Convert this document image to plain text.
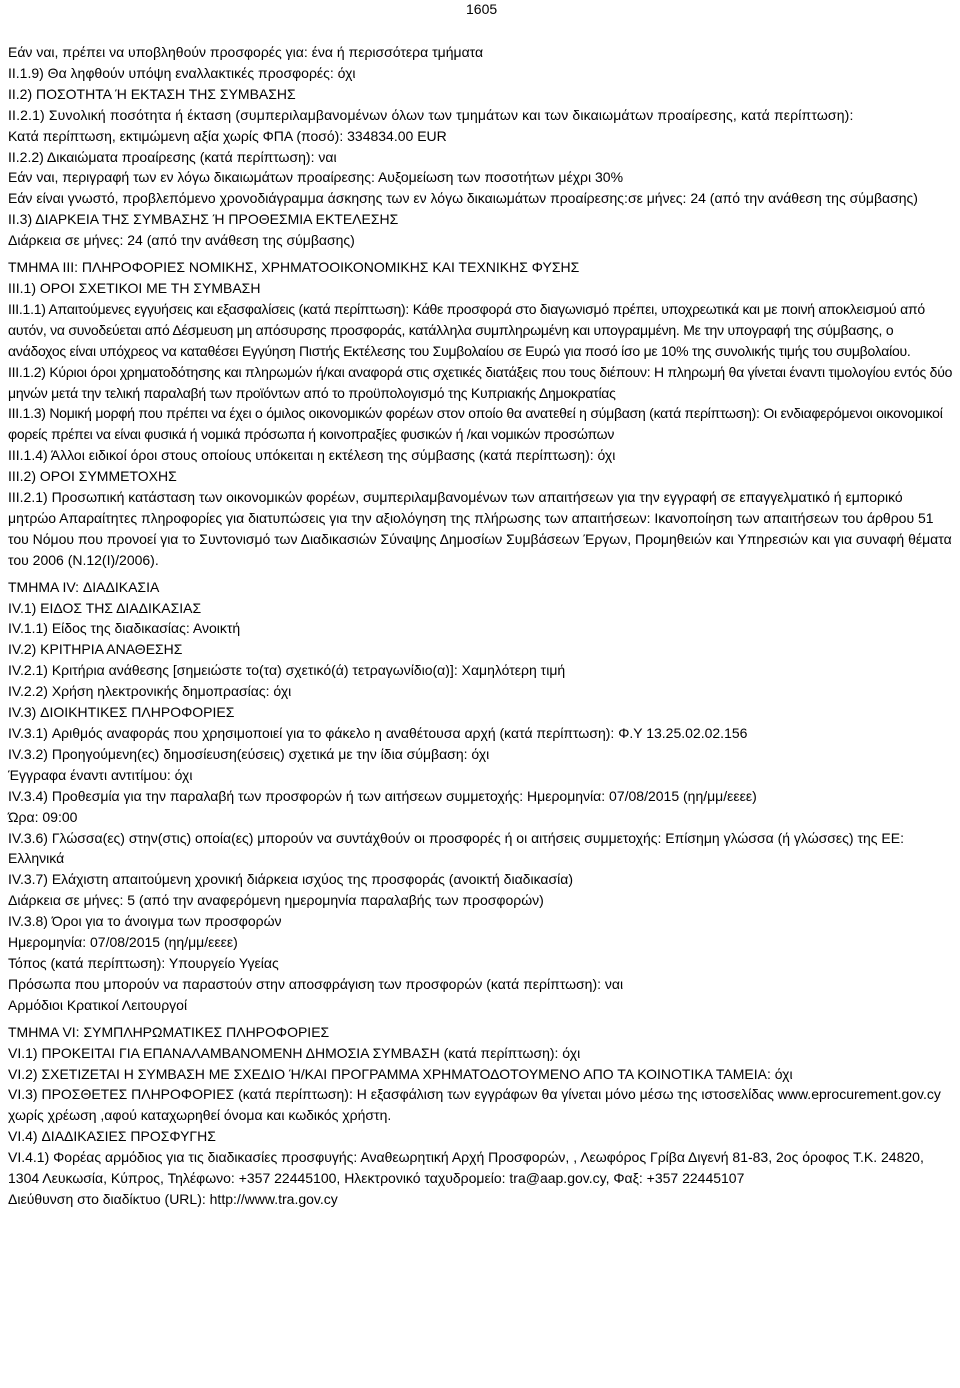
1605

Εάν ναι, πρέπει να υποβληθούν προσφορές για: ένα ή περισσότερα τμήματα

ΙΙ.1.9) Θα ληφθούν υπόψη εναλλακτικές προσφορές: όχι

ΙΙ.2) ΠΟΣΟΤΗΤΑ Ή ΕΚΤΑΣΗ ΤΗΣ ΣΥΜΒΑΣΗΣ

ΙΙ.2.1) Συνολική ποσότητα ή έκταση (συμπεριλαμβανομένων όλων των τμημάτων και των δικαιωμάτων προαίρεσης, κατά περίπτωση):

Κατά περίπτωση, εκτιμώμενη αξία χωρίς ΦΠΑ (ποσό): 334834.00 EUR

ΙΙ.2.2) Δικαιώματα προαίρεσης (κατά περίπτωση): ναι

Εάν ναι, περιγραφή των εν λόγω δικαιωμάτων προαίρεσης: Αυξομείωση των ποσοτήτων μέχρι 30%

Εάν είναι γνωστό, προβλεπόμενο χρονοδιάγραμμα άσκησης των εν λόγω δικαιωμάτων προαίρεσης:σε μήνες: 24 (από την ανάθεση της σύμβασης)

ΙΙ.3) ΔΙΑΡΚΕΙΑ ΤΗΣ ΣΥΜΒΑΣΗΣ Ή ΠΡΟΘΕΣΜΙΑ ΕΚΤΕΛΕΣΗΣ

Διάρκεια σε μήνες: 24 (από την ανάθεση της σύμβασης)

ΤΜΗΜΑ ΙΙΙ: ΠΛΗΡΟΦΟΡΙΕΣ ΝΟΜΙΚΗΣ, ΧΡΗΜΑΤΟΟΙΚΟΝΟΜΙΚΗΣ ΚΑΙ ΤΕΧΝΙΚΗΣ ΦΥΣΗΣ

ΙΙΙ.1) ΟΡΟΙ ΣΧΕΤΙΚΟΙ ΜΕ ΤΗ ΣΥΜΒΑΣΗ

ΙΙΙ.1.1) Απαιτούμενες εγγυήσεις και εξασφαλίσεις (κατά περίπτωση): Κάθε προσφορά στο διαγωνισμό πρέπει, υποχρεωτικά και με ποινή αποκλεισμού από αυτόν, να συνοδεύεται από Δέσμευση μη απόσυρσης προσφοράς, κατάλληλα συμπληρωμένη και υπογραμμένη. Με την υπογραφή της σύμβασης, ο ανάδοχος είναι υπόχρεος να καταθέσει Εγγύηση Πιστής Εκτέλεσης του Συμβολαίου σε Ευρώ για ποσό ίσο με 10% της συνολικής τιμής του συμβολαίου.

ΙΙΙ.1.2) Κύριοι όροι χρηματοδότησης και πληρωμών ή/και αναφορά στις σχετικές διατάξεις που τους διέπουν: Η πληρωμή θα γίνεται έναντι τιμολογίου εντός δύο μηνών μετά την τελική παραλαβή των προϊόντων από το προϋπολογισμό της Κυπριακής Δημοκρατίας

ΙΙΙ.1.3) Νομική μορφή που πρέπει να έχει ο όμιλος οικονομικών φορέων στον οποίο θα ανατεθεί η σύμβαση (κατά περίπτωση): Οι ενδιαφερόμενοι οικονομικοί φορείς πρέπει να είναι φυσικά ή νομικά πρόσωπα ή κοινοπραξίες φυσικών ή /και νομικών προσώπων

ΙΙΙ.1.4) Άλλοι ειδικοί όροι στους οποίους υπόκειται η εκτέλεση της σύμβασης (κατά περίπτωση): όχι

ΙΙΙ.2) ΟΡΟΙ ΣΥΜΜΕΤΟΧΗΣ

ΙΙΙ.2.1) Προσωπική κατάσταση των οικονομικών φορέων, συμπεριλαμβανομένων των απαιτήσεων για την εγγραφή σε επαγγελματικό ή εμπορικό μητρώο Απαραίτητες πληροφορίες για διατυπώσεις για την αξιολόγηση της πλήρωσης των απαιτήσεων: Ικανοποίηση των απαιτήσεων του άρθρου 51 του Νόμου που προνοεί για το Συντονισμό των Διαδικασιών Σύναψης Δημοσίων Συμβάσεων Έργων, Προμηθειών και Υπηρεσιών και για συναφή θέματα του 2006 (Ν.12(Ι)/2006).

ΤΜΗΜΑ IV: ΔΙΑΔΙΚΑΣΙΑ

IV.1) ΕΙΔΟΣ ΤΗΣ ΔΙΑΔΙΚΑΣΙΑΣ

IV.1.1) Είδος της διαδικασίας: Ανοικτή

IV.2) ΚΡΙΤΗΡΙΑ ΑΝΑΘΕΣΗΣ

IV.2.1) Κριτήρια ανάθεσης [σημειώστε το(τα) σχετικό(ά) τετραγωνίδιο(α)]: Χαμηλότερη τιμή

IV.2.2) Χρήση ηλεκτρονικής δημοπρασίας: όχι

IV.3) ΔΙΟΙΚΗΤΙΚΕΣ ΠΛΗΡΟΦΟΡΙΕΣ

IV.3.1) Αριθμός αναφοράς που χρησιμοποιεί για το φάκελο η αναθέτουσα αρχή (κατά περίπτωση): Φ.Υ 13.25.02.02.156

IV.3.2) Προηγούμενη(ες) δημοσίευση(εύσεις) σχετικά με την ίδια σύμβαση: όχι

Έγγραφα έναντι αντιτίμου: όχι

IV.3.4) Προθεσμία για την παραλαβή των προσφορών ή των αιτήσεων συμμετοχής: Ημερομηνία: 07/08/2015 (ηη/μμ/εεεε)

Ώρα: 09:00

IV.3.6) Γλώσσα(ες) στην(στις) οποία(ες) μπορούν να συντάχθούν οι προσφορές ή οι αιτήσεις συμμετοχής: Επίσημη γλώσσα (ή γλώσσες) της ΕΕ:

Ελληνικά

IV.3.7) Ελάχιστη απαιτούμενη χρονική διάρκεια ισχύος της προσφοράς (ανοικτή διαδικασία)

Διάρκεια σε μήνες: 5 (από την αναφερόμενη ημερομηνία παραλαβής των προσφορών)

IV.3.8) Όροι για το άνοιγμα των προσφορών

Ημερομηνία: 07/08/2015 (ηη/μμ/εεεε)

Τόπος (κατά περίπτωση): Υπουργείο Υγείας

Πρόσωπα που μπορούν να παραστούν στην αποσφράγιση των προσφορών (κατά περίπτωση): ναι

Αρμόδιοι Κρατικοί Λειτουργοί

ΤΜΗΜΑ VI: ΣΥΜΠΛΗΡΩΜΑΤΙΚΕΣ ΠΛΗΡΟΦΟΡΙΕΣ

VI.1) ΠΡΟΚΕΙΤΑΙ ΓΙΑ ΕΠΑΝΑΛΑΜΒΑΝΟΜΕΝΗ ΔΗΜΟΣΙΑ ΣΥΜΒΑΣΗ (κατά περίπτωση): όχι

VI.2) ΣΧΕΤΙΖΕΤΑΙ Η ΣΥΜΒΑΣΗ ΜΕ ΣΧΕΔΙΟ Ή/ΚΑΙ ΠΡΟΓΡΑΜΜΑ ΧΡΗΜΑΤΟΔΟΤΟΥΜΕΝΟ ΑΠΟ ΤΑ ΚΟΙΝΟΤΙΚΑ ΤΑΜΕΙΑ: όχι

VI.3) ΠΡΟΣΘΕΤΕΣ ΠΛΗΡΟΦΟΡΙΕΣ (κατά περίπτωση): Η εξασφάλιση των εγγράφων θα γίνεται μόνο μέσω της ιστοσελίδας www.eprocurement.gov.cy χωρίς χρέωση ,αφού καταχωρηθεί όνομα και κωδικός χρήστη.

VI.4) ΔΙΑΔΙΚΑΣΙΕΣ ΠΡΟΣΦΥΓΗΣ

VI.4.1) Φορέας αρμόδιος για τις διαδικασίες προσφυγής: Αναθεωρητική Αρχή Προσφορών, , Λεωφόρος Γρίβα Διγενή 81-83, 2ος όροφος Τ.Κ. 24820, 1304 Λευκωσία, Κύπρος, Τηλέφωνο: +357 22445100, Ηλεκτρονικό ταχυδρομείο: tra@aap.gov.cy, Φαξ: +357 22445107

Διεύθυνση στο διαδίκτυο (URL): http://www.tra.gov.cy
